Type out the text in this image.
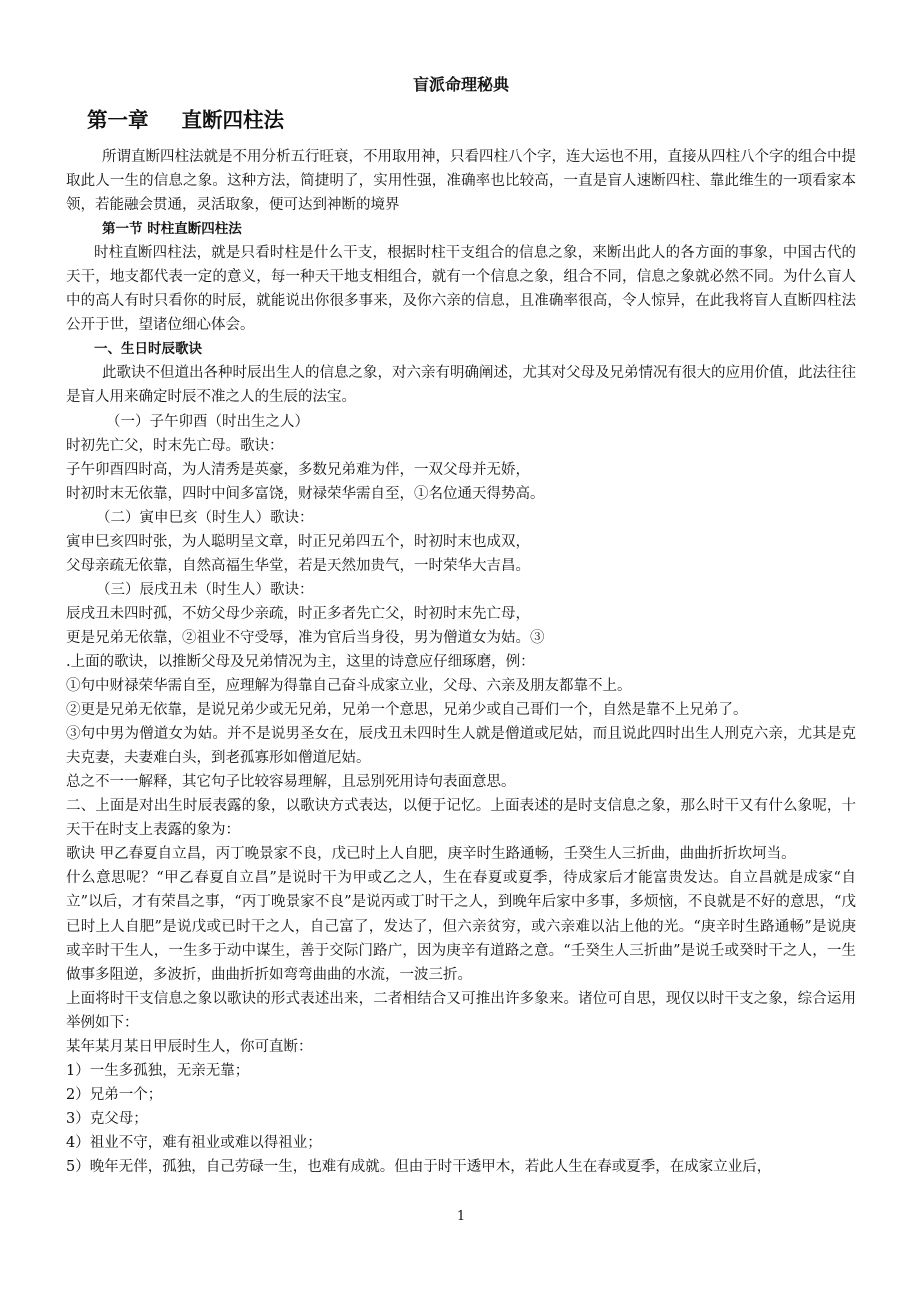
盲派命理秘典
第一章 直断四柱法

所谓直断四柱法就是不用分析五行旺衰，不用取用神，只看四柱八个字，连大运也不用，直接从四柱八个字的组合中提取此人一生的信息之象。这种方法，简捷明了，实用性强，准确率也比较高，一直是盲人速断四柱、靠此维生的一项看家本领，若能融会贯通，灵活取象，便可达到神断的境界

第一节 时柱直断四柱法

时柱直断四柱法，就是只看时柱是什么干支，根据时柱干支组合的信息之象，来断出此人的各方面的事象，中国古代的天干，地支都代表一定的意义，每一种天干地支相组合，就有一个信息之象，组合不同，信息之象就必然不同。为什么盲人中的高人有时只看你的时辰，就能说出你很多事来，及你六亲的信息，且准确率很高，令人惊异，在此我将盲人直断四柱法公开于世，望诸位细心体会。

一、生日时辰歌诀

此歌诀不但道出各种时辰出生人的信息之象，对六亲有明确阐述，尤其对父母及兄弟情况有很大的应用价值，此法往往是盲人用来确定时辰不准之人的生辰的法宝。

（一）子午卯酉（时出生之人）

时初先亡父，时末先亡母。歌诀：

子午卯酉四时高，为人清秀是英豪，多数兄弟难为伴，一双父母并无娇，

时初时末无依靠，四时中间多富饶，财禄荣华需自至，①名位通天得势高。

（二）寅申巳亥（时生人）歌诀：

寅申巳亥四时张，为人聪明呈文章，时正兄弟四五个，时初时末也成双，

父母亲疏无依靠，自然高福生华堂，若是天然加贵气，一时荣华大吉昌。

（三）辰戌丑未（时生人）歌诀：

辰戌丑未四时孤，不妨父母少亲疏，时正多者先亡父，时初时末先亡母，

更是兄弟无依靠，②祖业不守受辱，准为官后当身役，男为僧道女为姑。③

.上面的歌诀，以推断父母及兄弟情况为主，这里的诗意应仔细琢磨，例：

①句中财禄荣华需自至，应理解为得靠自己奋斗成家立业，父母、六亲及朋友都靠不上。

②更是兄弟无依靠，是说兄弟少或无兄弟，兄弟一个意思，兄弟少或自己哥们一个，自然是靠不上兄弟了。

③句中男为僧道女为姑。并不是说男圣女在，辰戌丑未四时生人就是僧道或尼姑，而且说此四时出生人刑克六亲，尤其是克夫克妻，夫妻难白头，到老孤寡形如僧道尼姑。

总之不一一解释，其它句子比较容易理解，且忌别死用诗句表面意思。

二、上面是对出生时辰表露的象，以歌诀方式表达，以便于记忆。上面表述的是时支信息之象，那么时干又有什么象呢，十天干在时支上表露的象为：

歌诀 甲乙春夏自立昌，丙丁晚景家不良，戊已时上人自肥，庚辛时生路通畅，壬癸生人三折曲，曲曲折折坎坷当。

什么意思呢？“甲乙春夏自立昌”是说时干为甲或乙之人，生在春夏或夏季，待成家后才能富贵发达。自立昌就是成家“自立”以后，才有荣昌之事，“丙丁晚景家不良”是说丙或丁时干之人，到晚年后家中多事，多烦恼，不良就是不好的意思，“戊已时上人自肥”是说戊或已时干之人，自己富了，发达了，但六亲贫穷，或六亲难以沾上他的光。“庚辛时生路通畅”是说庚或辛时干生人，一生多于动中谋生，善于交际门路广，因为庚辛有道路之意。“壬癸生人三折曲”是说壬或癸时干之人，一生做事多阻逆，多波折，曲曲折折如弯弯曲曲的水流，一波三折。

上面将时干支信息之象以歌诀的形式表述出来，二者相结合又可推出许多象来。诸位可自思，现仅以时干支之象，综合运用举例如下：

某年某月某日甲辰时生人，你可直断：

1）一生多孤独，无亲无靠；

2）兄弟一个；

3）克父母；

4）祖业不守，难有祖业或难以得祖业；

5）晚年无伴，孤独，自己劳碌一生，也难有成就。但由于时干透甲木，若此人生在春或夏季，在成家立业后，

1
